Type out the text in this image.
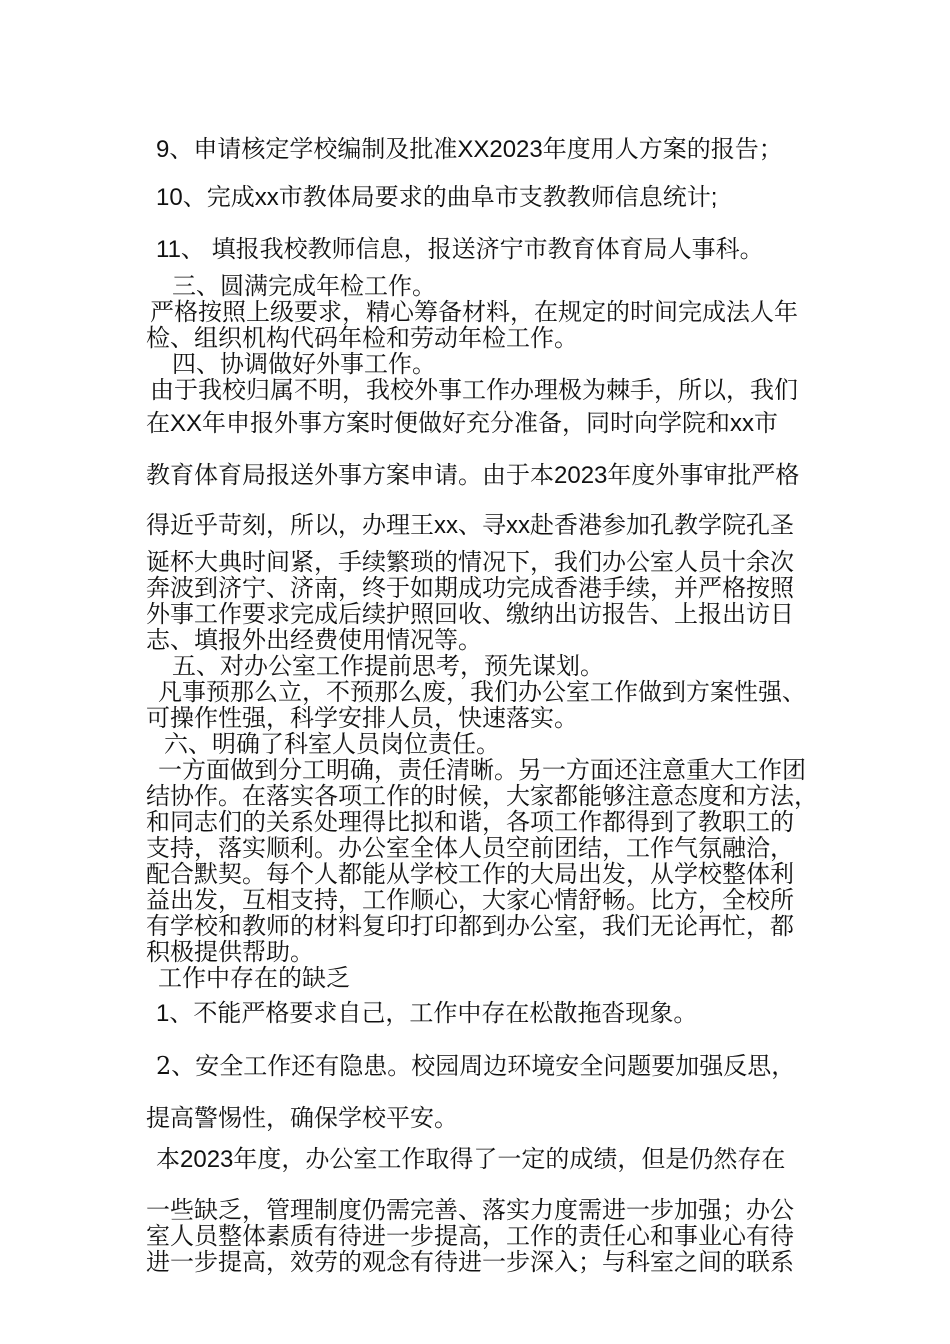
9、申请核定学校编制及批准XX2023年度用人方案的报告；
10、完成xx市教体局要求的曲阜市支教教师信息统计;
11、 填报我校教师信息，报送济宁市教育体育局人事科。
三、圆满完成年检工作。
严格按照上级要求，精心筹备材料，在规定的时间完成法人年
检、组织机构代码年检和劳动年检工作。
四、协调做好外事工作。
由于我校归属不明，我校外事工作办理极为棘手，所以，我们
在XX年申报外事方案时便做好充分准备，同时向学院和xx市
教育体育局报送外事方案申请。由于本2023年度外事审批严格
得近乎苛刻，所以，办理王xx、寻xx赴香港参加孔教学院孔圣
诞杯大典时间紧，手续繁琐的情况下，我们办公室人员十余次
奔波到济宁、济南，终于如期成功完成香港手续，并严格按照
外事工作要求完成后续护照回收、缴纳出访报告、上报出访日
志、填报外出经费使用情况等。
五、对办公室工作提前思考，预先谋划。
凡事预那么立，不预那么废，我们办公室工作做到方案性强、
可操作性强，科学安排人员，快速落实。
六、明确了科室人员岗位责任。
一方面做到分工明确，责任清晰。另一方面还注意重大工作团
结协作。在落实各项工作的时候，大家都能够注意态度和方法，
和同志们的关系处理得比拟和谐，各项工作都得到了教职工的
支持，落实顺利。办公室全体人员空前团结，工作气氛融洽，
配合默契。每个人都能从学校工作的大局出发，从学校整体利
益出发，互相支持，工作顺心，大家心情舒畅。比方，全校所
有学校和教师的材料复印打印都到办公室，我们无论再忙，都
积极提供帮助。
工作中存在的缺乏
1、不能严格要求自己，工作中存在松散拖沓现象。
2、安全工作还有隐患。校园周边环境安全问题要加强反思，
提高警惕性，确保学校平安。
本2023年度，办公室工作取得了一定的成绩，但是仍然存在
一些缺乏，管理制度仍需完善、落实力度需进一步加强；办公
室人员整体素质有待进一步提高，工作的责任心和事业心有待
进一步提高，效劳的观念有待进一步深入；与科室之间的联系
